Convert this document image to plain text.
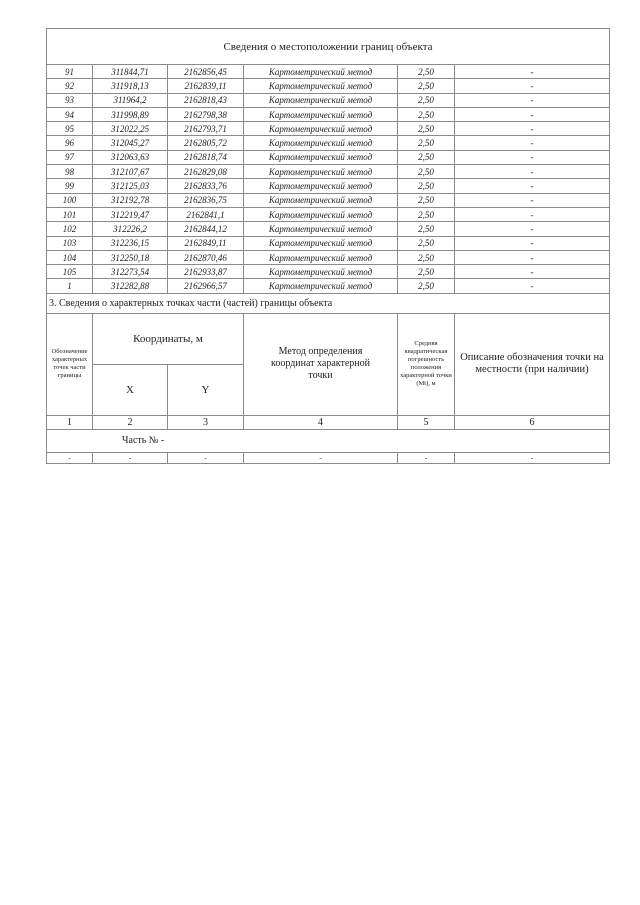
Сведения о местоположении границ объекта					
91	311844,71	2162856,45	Картометрический метод	2,50	-
92	311918,13	2162839,11	Картометрический метод	2,50	-
93	311964,2	2162818,43	Картометрический метод	2,50	-
94	311998,89	2162798,38	Картометрический метод	2,50	-
95	312022,25	2162793,71	Картометрический метод	2,50	-
96	312045,27	2162805,72	Картометрический метод	2,50	-
97	312063,63	2162818,74	Картометрический метод	2,50	-
98	312107,67	2162829,08	Картометрический метод	2,50	-
99	312125,03	2162833,76	Картометрический метод	2,50	-
100	312192,78	2162836,75	Картометрический метод	2,50	-
101	312219,47	2162841,1	Картометрический метод	2,50	-
102	312226,2	2162844,12	Картометрический метод	2,50	-
103	312236,15	2162849,11	Картометрический метод	2,50	-
104	312250,18	2162870,46	Картометрический метод	2,50	-
105	312273,54	2162933,87	Картометрический метод	2,50	-
1	312282,88	2162966,57	Картометрический метод	2,50	-
3. Сведения о характерных точках части (частей) границы объекта					
Обозначение характерных точек части границы	Координаты, м		Метод определения координат характерной точки	Средняя квадратическая погрешность положения характерной точки (Mt), м	Описание обозначения точки на местности (при наличии)
	X	Y			
1	2	3	4	5	6
Часть № -					
-	-	-	-	-	-
